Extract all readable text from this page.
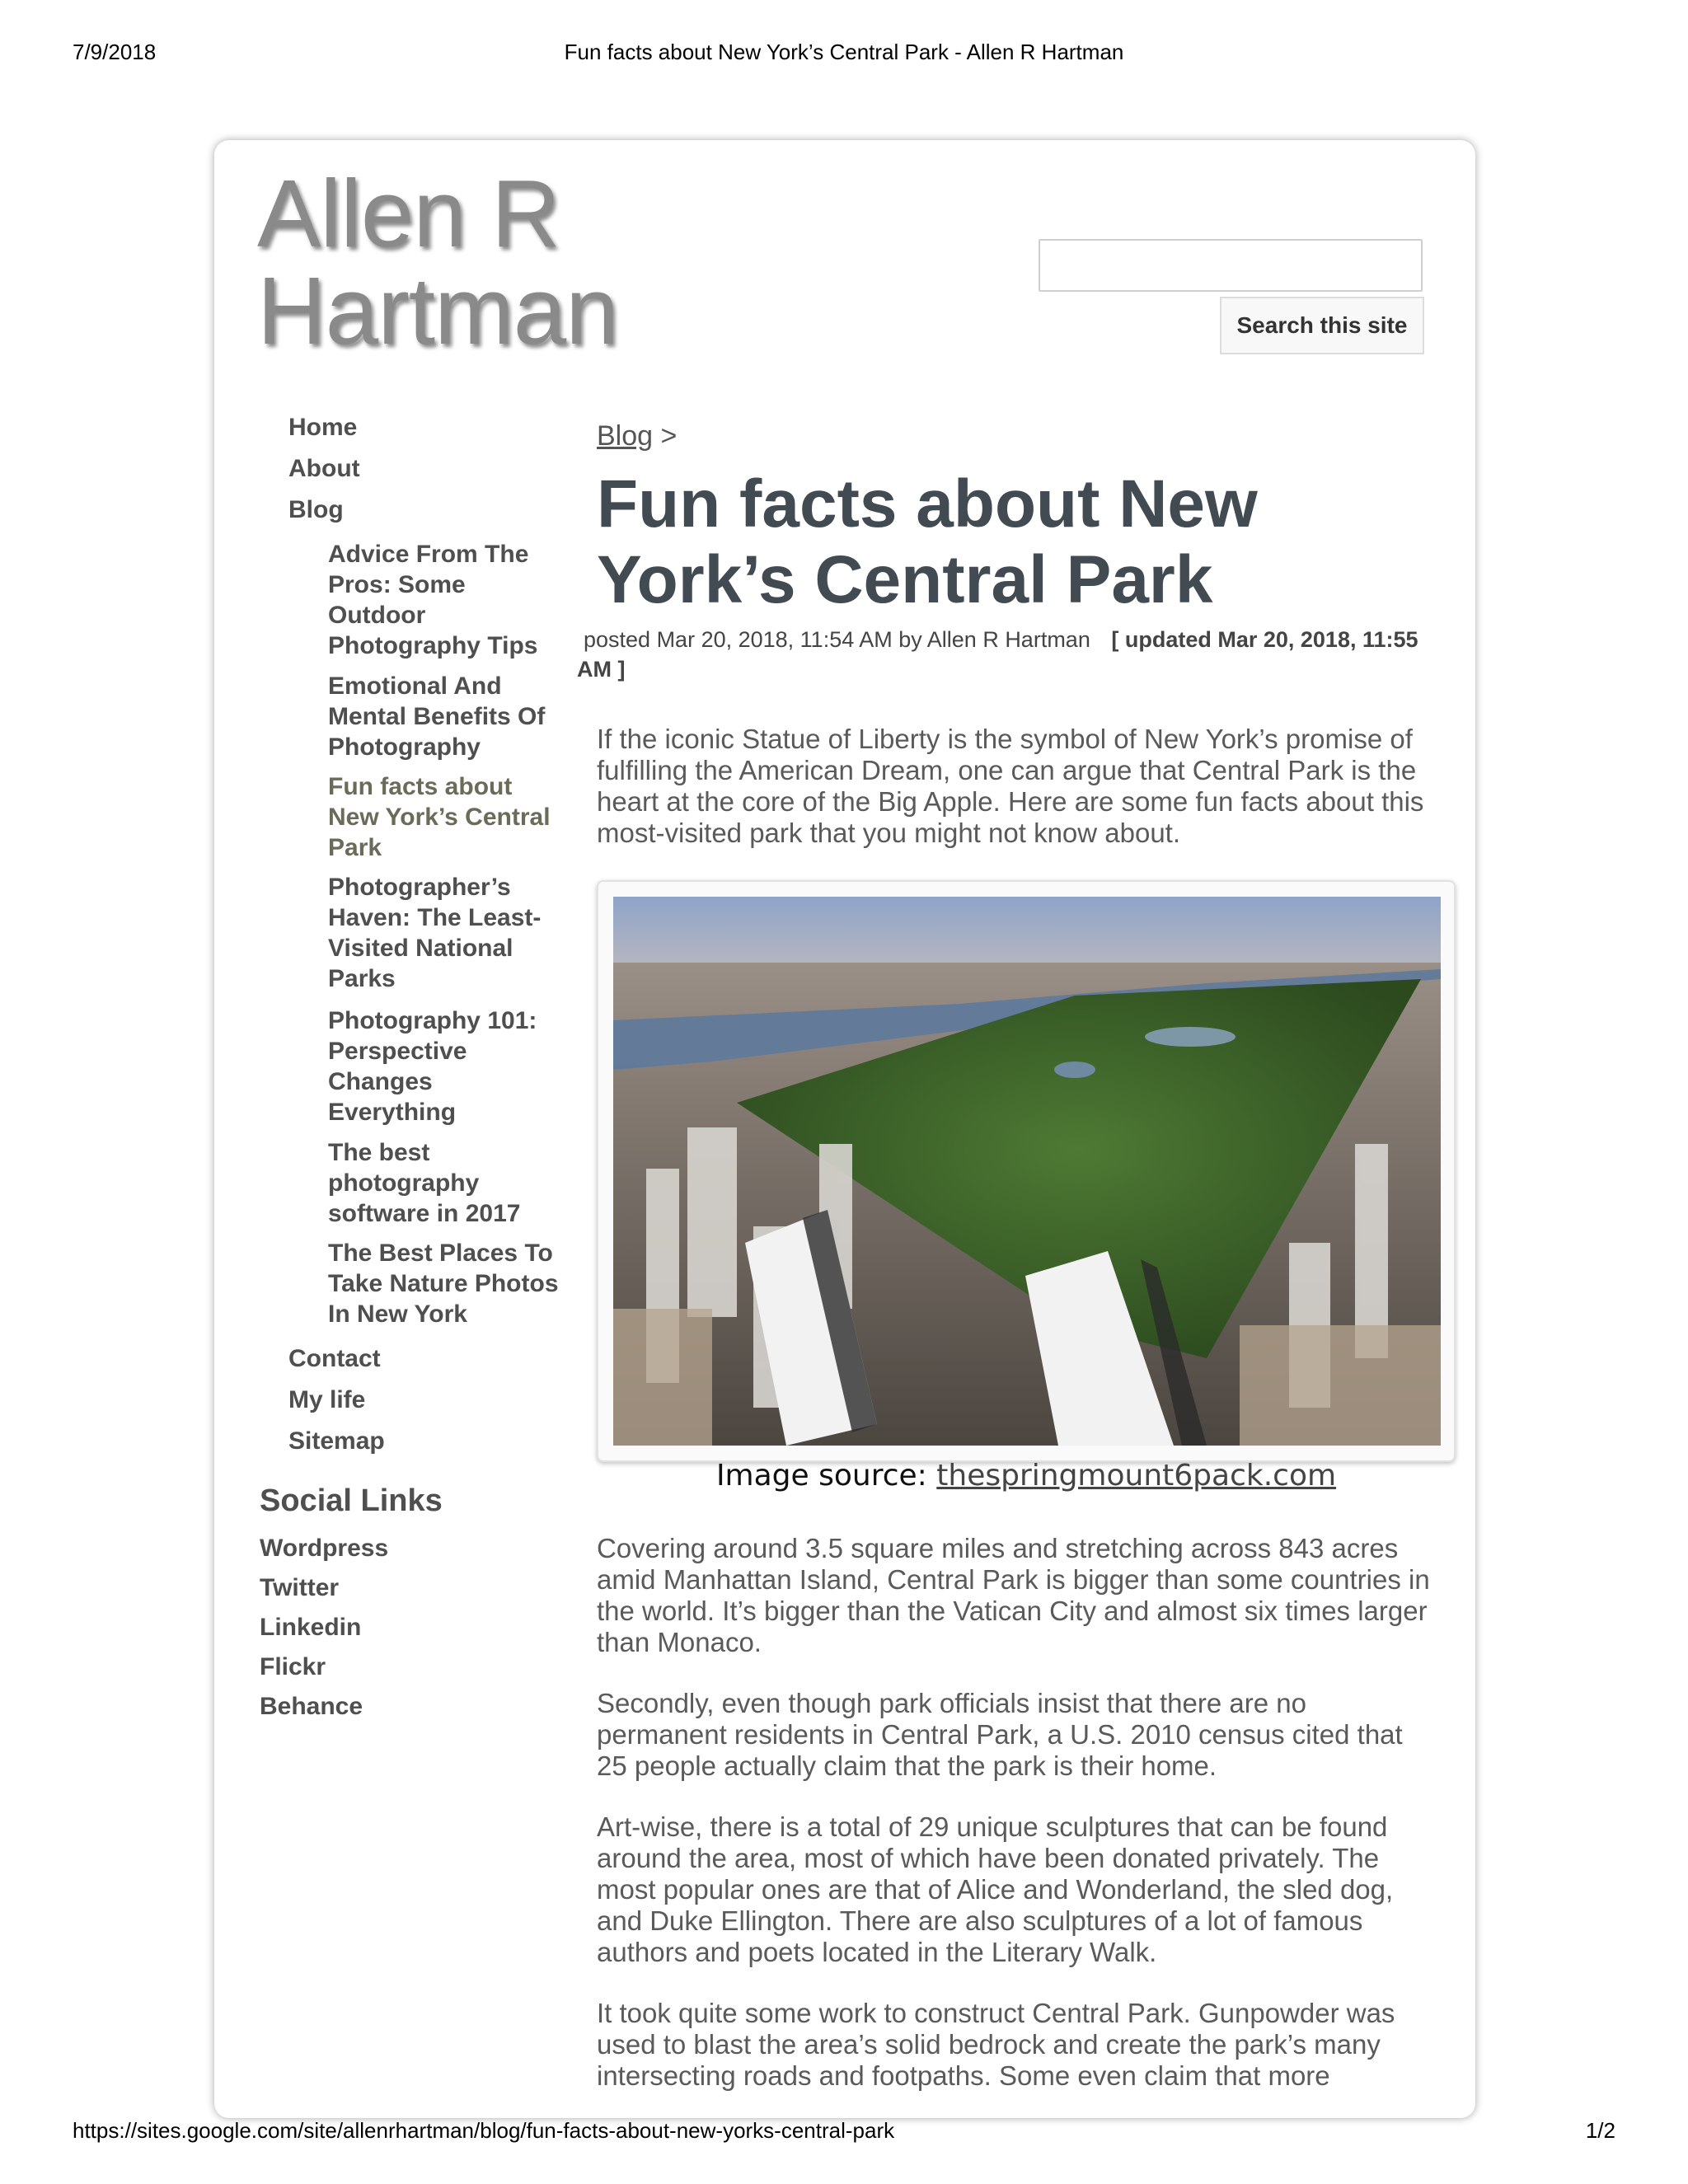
7/9/2018	Fun facts about New York’s Central Park - Allen R Hartman
Allen R Hartman	Search this site
Home
About
Blog
Advice From The Pros: Some Outdoor Photography Tips
Emotional And Mental Benefits Of Photography
Fun facts about New York’s Central Park
Photographer’s Haven: The Least-Visited National Parks
Photography 101: Perspective Changes Everything
The best photography software in 2017
The Best Places To Take Nature Photos In New York
Contact
My life
Sitemap
Social Links
Wordpress
Twitter
Linkedin
Flickr
Behance
Blog >
Fun facts about New York’s Central Park
posted Mar 20, 2018, 11:54 AM by Allen R Hartman [ updated Mar 20, 2018, 11:55 AM ]

If the iconic Statue of Liberty is the symbol of New York’s promise of fulfilling the American Dream, one can argue that Central Park is the heart at the core of the Big Apple. Here are some fun facts about this most-visited park that you might not know about.

Image source: thespringmount6pack.com

Covering around 3.5 square miles and stretching across 843 acres amid Manhattan Island, Central Park is bigger than some countries in the world. It’s bigger than the Vatican City and almost six times larger than Monaco.

Secondly, even though park officials insist that there are no permanent residents in Central Park, a U.S. 2010 census cited that 25 people actually claim that the park is their home.

Art-wise, there is a total of 29 unique sculptures that can be found around the area, most of which have been donated privately. The most popular ones are that of Alice and Wonderland, the sled dog, and Duke Ellington. There are also sculptures of a lot of famous authors and poets located in the Literary Walk.

It took quite some work to construct Central Park. Gunpowder was used to blast the area’s solid bedrock and create the park’s many intersecting roads and footpaths. Some even claim that more

https://sites.google.com/site/allenrhartman/blog/fun-facts-about-new-yorks-central-park	1/2
